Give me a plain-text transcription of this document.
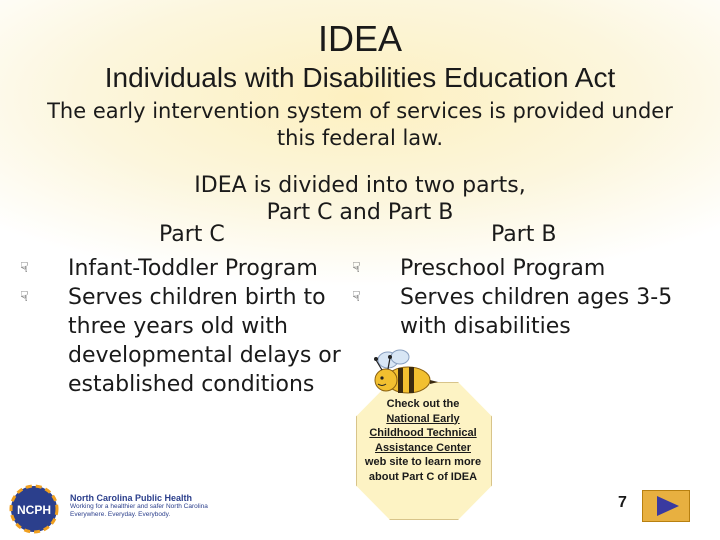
IDEA
Individuals with Disabilities Education Act
The early intervention system of services is provided under this federal law.
IDEA is divided into two parts,
Part C and Part B
Part C	Part B
☟ Infant-Toddler Program
☟ Serves children birth to three years old with developmental delays or established conditions
☟ Preschool Program
☟ Serves children ages 3-5 with disabilities
Check out the
National Early Childhood Technical Assistance Center
web site to learn more about Part C of IDEA
NCPH
North Carolina Public Health
Working for a healthier and safer North Carolina
Everywhere. Everyday. Everybody.
7
